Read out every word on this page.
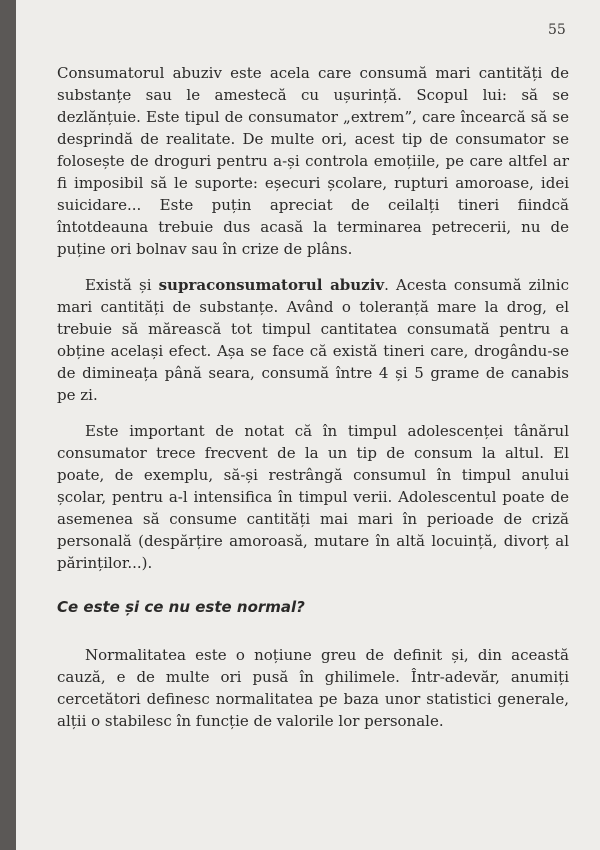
55

Consumatorul abuziv este acela care consumă mari cantități de substanțe sau le amestecă cu ușurință. Scopul lui: să se dezlănțuie. Este tipul de consumator „extrem”, care încearcă să se desprindă de realitate. De multe ori, acest tip de consumator se folosește de droguri pentru a-și controla emoțiile, pe care altfel ar fi imposibil să le suporte: eșecuri școlare, rupturi amoroase, idei suicidare... Este puțin apreciat de ceilalți tineri fiindcă întotdeauna trebuie dus acasă la terminarea petrecerii, nu de puține ori bolnav sau în crize de plâns.

Există și supraconsumatorul abuziv. Acesta consumă zilnic mari cantități de substanțe. Având o toleranță mare la drog, el trebuie să mărească tot timpul cantitatea consumată pentru a obține același efect. Așa se face că există tineri care, drogându-se de dimineața până seara, consumă între 4 și 5 grame de canabis pe zi.

Este important de notat că în timpul adolescenței tânărul consumator trece frecvent de la un tip de consum la altul. El poate, de exemplu, să-și restrângă consumul în timpul anului școlar, pentru a-l intensifica în timpul verii. Adolescentul poate de asemenea să consume cantități mai mari în perioade de criză personală (despărțire amoroasă, mutare în altă locuință, divorț al părinților...).

Ce este și ce nu este normal?

Normalitatea este o noțiune greu de definit și, din această cauză, e de multe ori pusă în ghilimele. Într-adevăr, anumiți cercetători definesc normalitatea pe baza unor statistici generale, alții o stabilesc în funcție de valorile lor personale.
